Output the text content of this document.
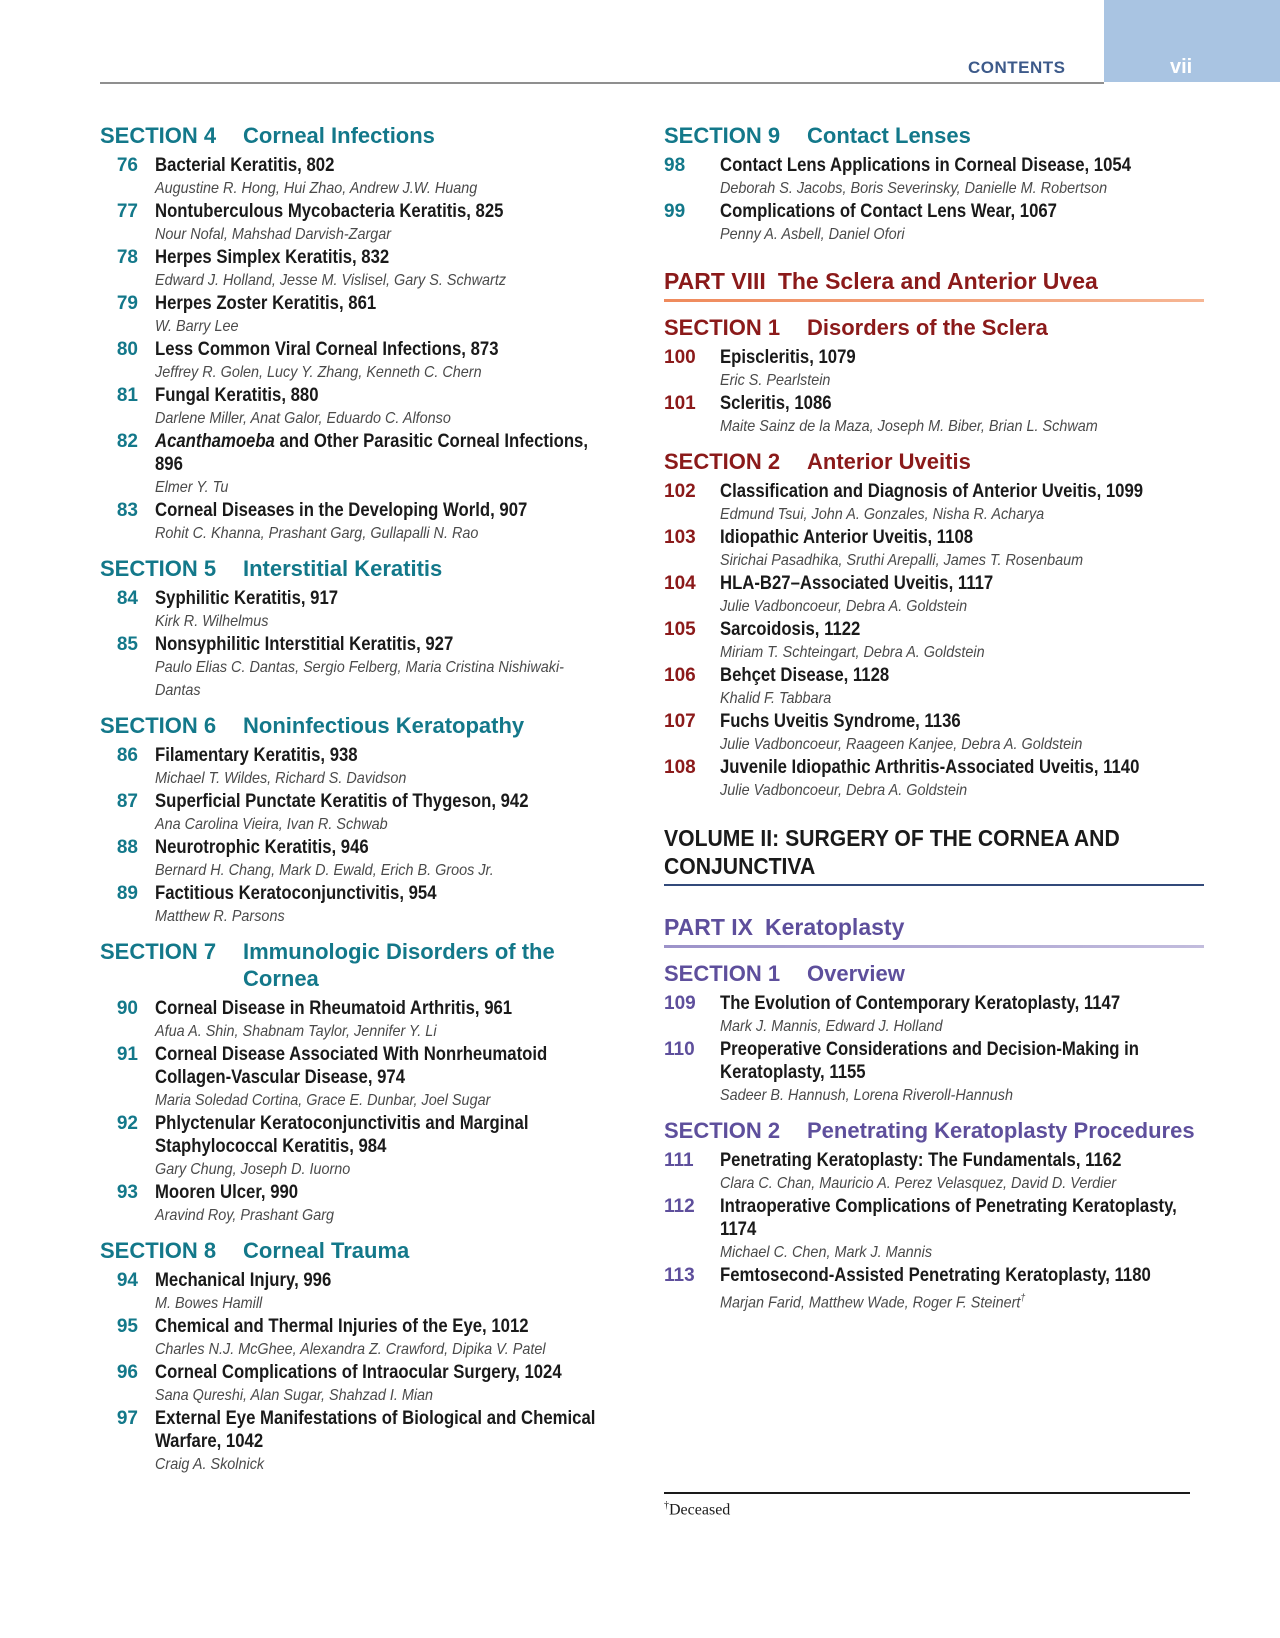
vii
CONTENTS
SECTION 4	Corneal Infections
76 Bacterial Keratitis, 802
Augustine R. Hong, Hui Zhao, Andrew J.W. Huang
77 Nontuberculous Mycobacteria Keratitis, 825
Nour Nofal, Mahshad Darvish-Zargar
78 Herpes Simplex Keratitis, 832
Edward J. Holland, Jesse M. Vislisel, Gary S. Schwartz
79 Herpes Zoster Keratitis, 861
W. Barry Lee
80 Less Common Viral Corneal Infections, 873
Jeffrey R. Golen, Lucy Y. Zhang, Kenneth C. Chern
81 Fungal Keratitis, 880
Darlene Miller, Anat Galor, Eduardo C. Alfonso
82 Acanthamoeba and Other Parasitic Corneal Infections, 896
Elmer Y. Tu
83 Corneal Diseases in the Developing World, 907
Rohit C. Khanna, Prashant Garg, Gullapalli N. Rao
SECTION 5	Interstitial Keratitis
84 Syphilitic Keratitis, 917
Kirk R. Wilhelmus
85 Nonsyphilitic Interstitial Keratitis, 927
Paulo Elias C. Dantas, Sergio Felberg, Maria Cristina Nishiwaki-Dantas
SECTION 6	Noninfectious Keratopathy
86 Filamentary Keratitis, 938
Michael T. Wildes, Richard S. Davidson
87 Superficial Punctate Keratitis of Thygeson, 942
Ana Carolina Vieira, Ivan R. Schwab
88 Neurotrophic Keratitis, 946
Bernard H. Chang, Mark D. Ewald, Erich B. Groos Jr.
89 Factitious Keratoconjunctivitis, 954
Matthew R. Parsons
SECTION 7	Immunologic Disorders of the Cornea
90 Corneal Disease in Rheumatoid Arthritis, 961
Afua A. Shin, Shabnam Taylor, Jennifer Y. Li
91 Corneal Disease Associated With Nonrheumatoid Collagen-Vascular Disease, 974
Maria Soledad Cortina, Grace E. Dunbar, Joel Sugar
92 Phlyctenular Keratoconjunctivitis and Marginal Staphylococcal Keratitis, 984
Gary Chung, Joseph D. Iuorno
93 Mooren Ulcer, 990
Aravind Roy, Prashant Garg
SECTION 8	Corneal Trauma
94 Mechanical Injury, 996
M. Bowes Hamill
95 Chemical and Thermal Injuries of the Eye, 1012
Charles N.J. McGhee, Alexandra Z. Crawford, Dipika V. Patel
96 Corneal Complications of Intraocular Surgery, 1024
Sana Qureshi, Alan Sugar, Shahzad I. Mian
97 External Eye Manifestations of Biological and Chemical Warfare, 1042
Craig A. Skolnick
SECTION 9	Contact Lenses
98	Contact Lens Applications in Corneal Disease, 1054
Deborah S. Jacobs, Boris Severinsky, Danielle M. Robertson
99	Complications of Contact Lens Wear, 1067
Penny A. Asbell, Daniel Ofori
PART VIII The Sclera and Anterior Uvea
SECTION 1	Disorders of the Sclera
100 Episcleritis, 1079
Eric S. Pearlstein
101 Scleritis, 1086
Maite Sainz de la Maza, Joseph M. Biber, Brian L. Schwam
SECTION 2	Anterior Uveitis
102 Classification and Diagnosis of Anterior Uveitis, 1099
Edmund Tsui, John A. Gonzales, Nisha R. Acharya
103 Idiopathic Anterior Uveitis, 1108
Sirichai Pasadhika, Sruthi Arepalli, James T. Rosenbaum
104 HLA-B27–Associated Uveitis, 1117
Julie Vadboncoeur, Debra A. Goldstein
105 Sarcoidosis, 1122
Miriam T. Schteingart, Debra A. Goldstein
106 Behçet Disease, 1128
Khalid F. Tabbara
107 Fuchs Uveitis Syndrome, 1136
Julie Vadboncoeur, Raageen Kanjee, Debra A. Goldstein
108 Juvenile Idiopathic Arthritis-Associated Uveitis, 1140
Julie Vadboncoeur, Debra A. Goldstein
VOLUME II: SURGERY OF THE CORNEA AND CONJUNCTIVA
PART IX Keratoplasty
SECTION 1	Overview
109 The Evolution of Contemporary Keratoplasty, 1147
Mark J. Mannis, Edward J. Holland
110 Preoperative Considerations and Decision-Making in Keratoplasty, 1155
Sadeer B. Hannush, Lorena Riveroll-Hannush
SECTION 2	Penetrating Keratoplasty Procedures
111	Penetrating Keratoplasty: The Fundamentals, 1162
Clara C. Chan, Mauricio A. Perez Velasquez, David D. Verdier
112 Intraoperative Complications of Penetrating Keratoplasty, 1174
Michael C. Chen, Mark J. Mannis
113 Femtosecond-Assisted Penetrating Keratoplasty, 1180
Marjan Farid, Matthew Wade, Roger F. Steinert†
†Deceased
